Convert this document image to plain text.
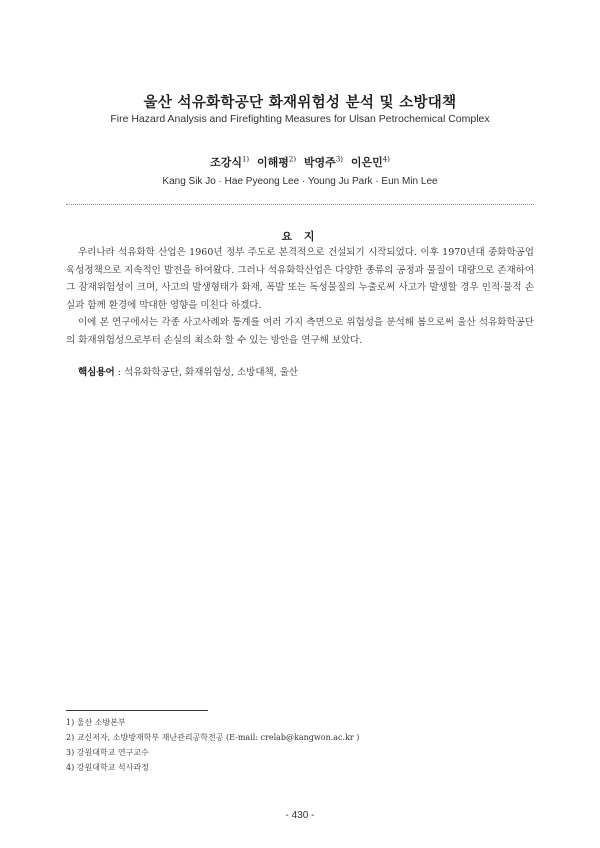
울산 석유화학공단 화재위험성 분석 및 소방대책
Fire Hazard Analysis and Firefighting Measures for Ulsan Petrochemical Complex
조강식$^{1)}$ 이해평$^{2)}$ 박영주$^{3)}$ 이은민$^{4)}$
Kang Sik Jo · Hae Pyeong Lee · Young Ju Park · Eun Min Lee
요 지
우리나라 석유화학 산업은 1960년 정부 주도로 본격적으로 건설되기 시작되었다. 이후 1970년대 중화학공업 육성정책으로 지속적인 발전을 하여왔다. 그러나 석유화학산업은 다양한 종류의 공정과 물질이 대량으로 존재하여 그 잠재위험성이 크며, 사고의 발생형태가 화재, 폭발 또는 독성물질의 누출로써 사고가 발생할 경우 인적·물적 손실과 함께 환경에 막대한 영향을 미친다 하겠다.
이에 본 연구에서는 각종 사고사례와 통계를 여러 가지 측면으로 위험성을 분석해 봄으로써 울산 석유화학공단의 화재위험성으로부터 손실의 최소화 할 수 있는 방안을 연구해 보았다.
핵심용어 : 석유화학공단, 화재위험성, 소방대책, 울산
1) 울산 소방본부
2) 교신저자, 소방방재학부 재난관리공학전공 (E-mail: crelab@kangwon.ac.kr )
3) 강원대학교 연구교수
4) 강원대학교 석사과정
- 430 -
